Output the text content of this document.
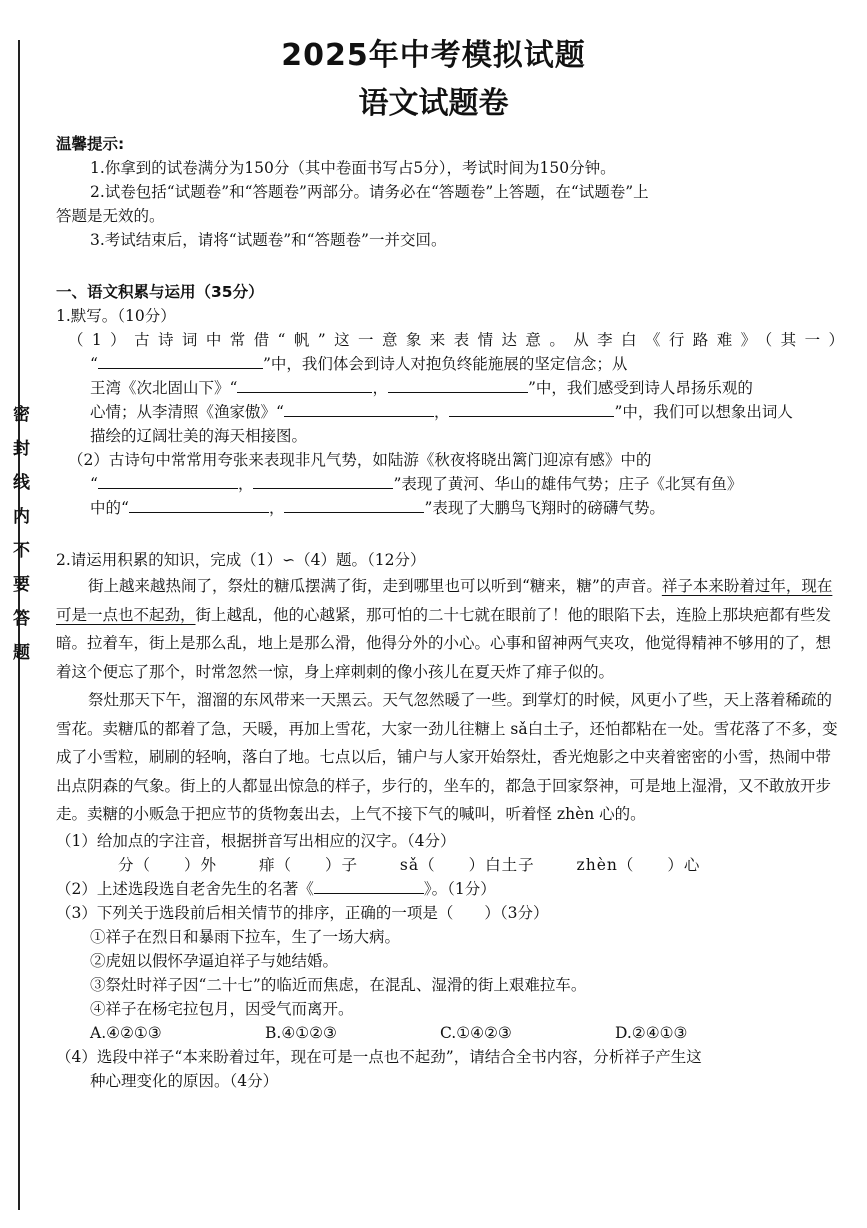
密封线内不要答题
2025年中考模拟试题
语文试题卷

温馨提示:

1.你拿到的试卷满分为150分（其中卷面书写占5分），考试时间为150分钟。

2.试卷包括“试题卷”和“答题卷”两部分。请务必在“答题卷”上答题，在“试题卷”上

答题是无效的。

3.考试结束后，请将“试题卷”和“答题卷”一并交回。

一、语文积累与运用（35分）

1.默写。（10分）

（1）古诗词中常借“帆”这一意象来表情达意。从李白《行路难》（其一）

“	”中，我们体会到诗人对抱负终能施展的坚定信念；从

王湾《次北固山下》“	，	”中，我们感受到诗人昂扬乐观的

心情；从李清照《渔家傲》“	，	”中，我们可以想象出词人

描绘的辽阔壮美的海天相接图。

（2）古诗句中常常用夸张来表现非凡气势，如陆游《秋夜将晓出篱门迎凉有感》中的

“	，	”表现了黄河、华山的雄伟气势；庄子《北冥有鱼》

中的“	，	”表现了大鹏鸟飞翔时的磅礴气势。

2.请运用积累的知识，完成（1）∽（4）题。（12分）

街上越来越热闹了，祭灶的糖瓜摆满了街，走到哪里也可以听到“糖来，糖”的声音。祥子本来盼着过年，现在可是一点也不起劲，街上越乱，他的心越紧，那可怕的二十七就在眼前了！他的眼陷下去，连脸上那块疤都有些发暗。拉着车，街上是那么乱，地上是那么滑，他得分外的小心。心事和留神两气夹攻，他觉得精神不够用的了，想着这个便忘了那个，时常忽然一惊，身上痒刺刺的像小孩儿在夏天炸了痱子似的。

祭灶那天下午，溜溜的东风带来一天黑云。天气忽然暖了一些。到掌灯的时候，风更小了些，天上落着稀疏的雪花。卖糖瓜的都着了急，天暖，再加上雪花，大家一劲儿往糖上 sǎ白土子，还怕都粘在一处。雪花落了不多，变成了小雪粒，刷刷的轻响，落白了地。七点以后，铺户与人家开始祭灶，香光炮影之中夹着密密的小雪，热闹中带出点阴森的气象。街上的人都显出惊急的样子，步行的，坐车的，都急于回家祭神，可是地上湿滑，又不敢放开步走。卖糖的小贩急于把应节的货物轰出去，上气不接下气的喊叫，听着怪 zhèn 心的。

（1）给加点的字注音，根据拼音写出相应的汉字。（4分）

分（　　）外	痱（　　）子	sǎ（　　）白土子	zhèn（　　）心

（2）上述选段选自老舍先生的名著《	》。（1分）

（3）下列关于选段前后相关情节的排序，正确的一项是（　　）（3分）

①祥子在烈日和暴雨下拉车，生了一场大病。

②虎妞以假怀孕逼迫祥子与她结婚。

③祭灶时祥子因“二十七”的临近而焦虑，在混乱、湿滑的街上艰难拉车。

④祥子在杨宅拉包月，因受气而离开。

A.④②①③	B.④①②③	C.①④②③	D.②④①③

（4）选段中祥子“本来盼着过年，现在可是一点也不起劲”，请结合全书内容，分析祥子产生这

种心理变化的原因。（4分）
